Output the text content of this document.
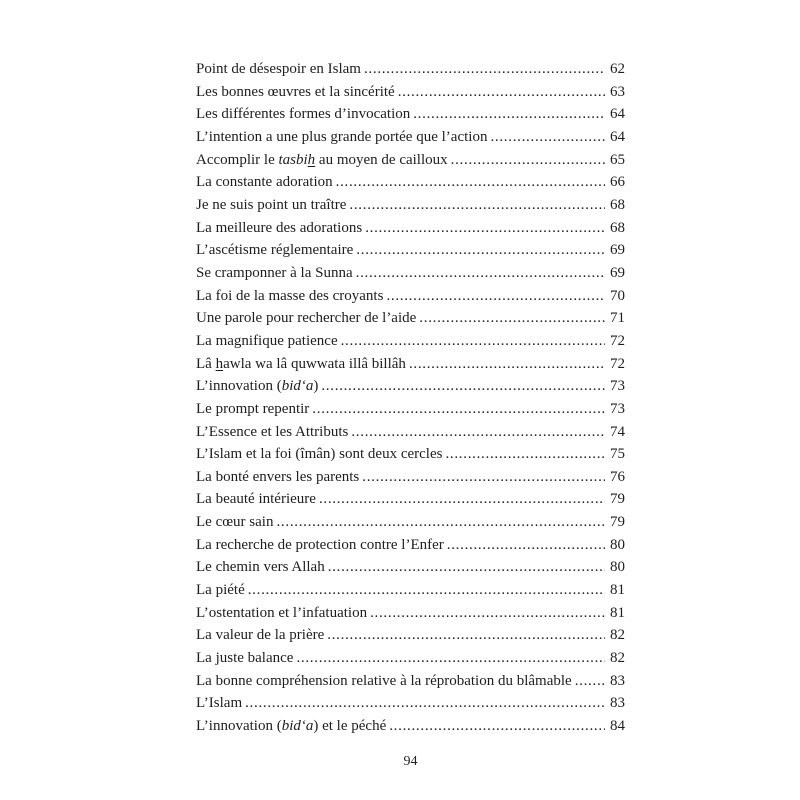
Point de désespoir en Islam .....	62
Les bonnes œuvres et la sincérité .....	63
Les différentes formes d’invocation .....	64
L’intention a une plus grande portée que l’action .....	64
Accomplir le tasbih au moyen de cailloux .....	65
La constante adoration .....	66
Je ne suis point un traître .....	68
La meilleure des adorations .....	68
L’ascétisme réglementaire .....	69
Se cramponner à la Sunna .....	69
La foi de la masse des croyants .....	70
Une parole pour rechercher de l’aide .....	71
La magnifique patience .....	72
Lâ hawla wa lâ quwwata illâ billâh .....	72
L’innovation (bid‘a) .....	73
Le prompt repentir .....	73
L’Essence et les Attributs .....	74
L’Islam et la foi (îmân) sont deux cercles .....	75
La bonté envers les parents .....	76
La beauté intérieure .....	79
Le cœur sain .....	79
La recherche de protection contre l’Enfer .....	80
Le chemin vers Allah .....	80
La piété .....	81
L’ostentation et l’infatuation .....	81
La valeur de la prière .....	82
La juste balance .....	82
La bonne compréhension relative à la réprobation du blâmable .....	83
L’Islam .....	83
L’innovation (bid‘a) et le péché .....	84
94
